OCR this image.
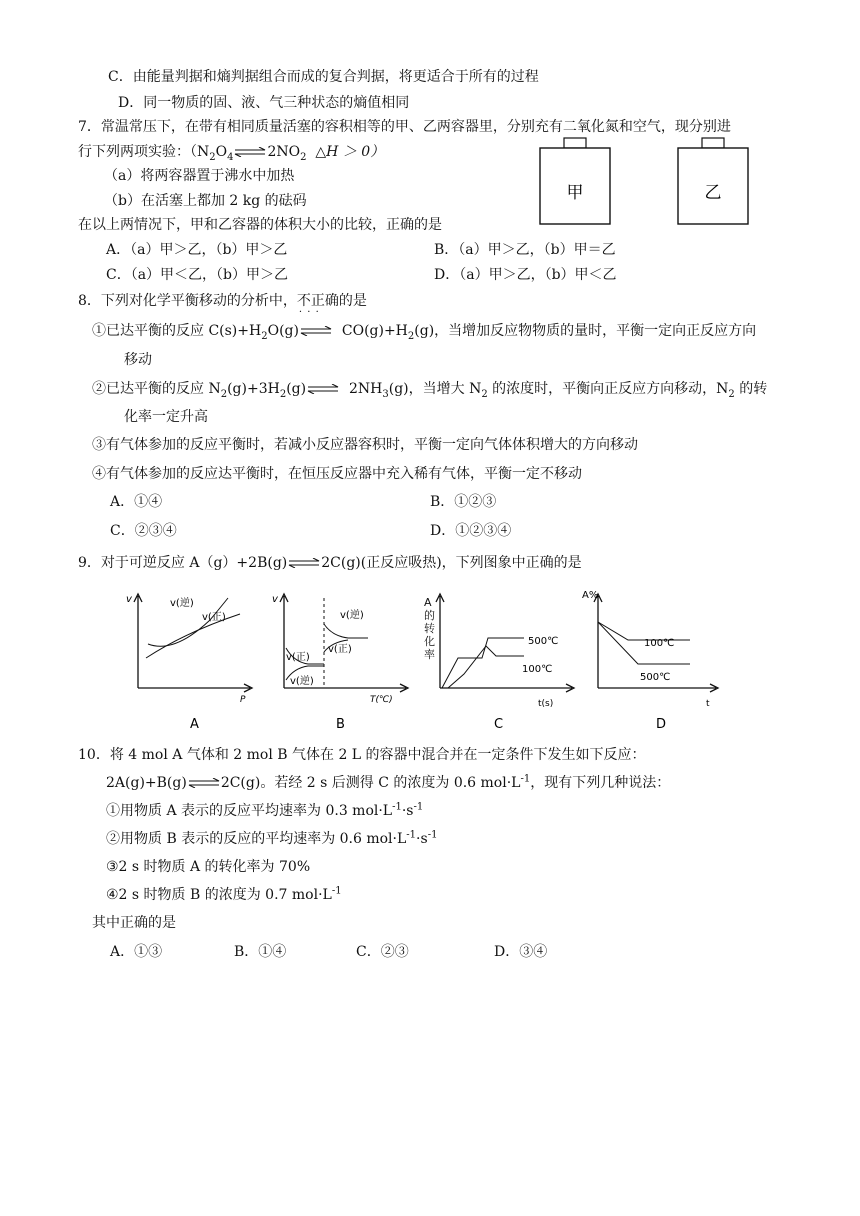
C．由能量判据和熵判据组合而成的复合判据，将更适合于所有的过程
D．同一物质的固、液、气三种状态的熵值相同
7．常温常压下，在带有相同质量活塞的容积相等的甲、乙两容器里，分别充有二氧化氮和空气，现分别进
行下列两项实验：（$N_2O_4\rightleftharpoons 2NO_2$ △H ＞ 0）
（a）将两容器置于沸水中加热
（b）在活塞上都加 2 kg 的砝码	甲	乙
在以上两情况下，甲和乙容器的体积大小的比较，正确的是
A．（a）甲＞乙，（b）甲＞乙	B．（a）甲＞乙，（b）甲＝乙
C．（a）甲＜乙，（b）甲＞乙	D．（a）甲＞乙，（b）甲＜乙
8．下列对化学平衡移动的分析中，不正确 · · ·的是
①已达平衡的反应 $C(s)+H_2O(g)\rightleftharpoons$ $CO(g)+H_2(g)$，当增加反应物物质的量时，平衡一定向正反应方向
移动
②已达平衡的反应 $N_2(g)+3H_2(g)\rightleftharpoons$ $2NH_3(g)$，当增大 $N_2$ 的浓度时，平衡向正反应方向移动，$N_2$ 的转
化率一定升高
③有气体参加的反应平衡时，若减小反应器容积时，平衡一定向气体体积增大的方向移动
④有气体参加的反应达平衡时，在恒压反应器中充入稀有气体，平衡一定不移动
A．①④	B．①②③
C．②③④	D．①②③④
9．对于可逆反应 A（g）+2B(g)⇌2C(g)(正反应吸热)，下列图象中正确的是
v
P
v(逆)
v(正)
A
v
T(℃)
v(逆)
v(正)
v(正)
v(逆)
B
A的转化率
t(s)
500℃
100℃
C
A%
t
100℃
500℃
D
10．将 4 mol A 气体和 2 mol B 气体在 2 L 的容器中混合并在一定条件下发生如下反应：
2A(g)+B(g)⇌2C(g)。若经 2 s 后测得 C 的浓度为 0.6 $mol\cdot L^{-1}$，现有下列几种说法：
①用物质 A 表示的反应平均速率为 0.3 $mol\cdot L^{-1}\cdot s^{-1}$
②用物质 B 表示的反应的平均速率为 0.6 $mol\cdot L^{-1}\cdot s^{-1}$
③2 s 时物质 A 的转化率为 70%
④2 s 时物质 B 的浓度为 0.7 $mol\cdot L^{-1}$
其中正确的是
A．①③	B．①④	C．②③	D．③④
